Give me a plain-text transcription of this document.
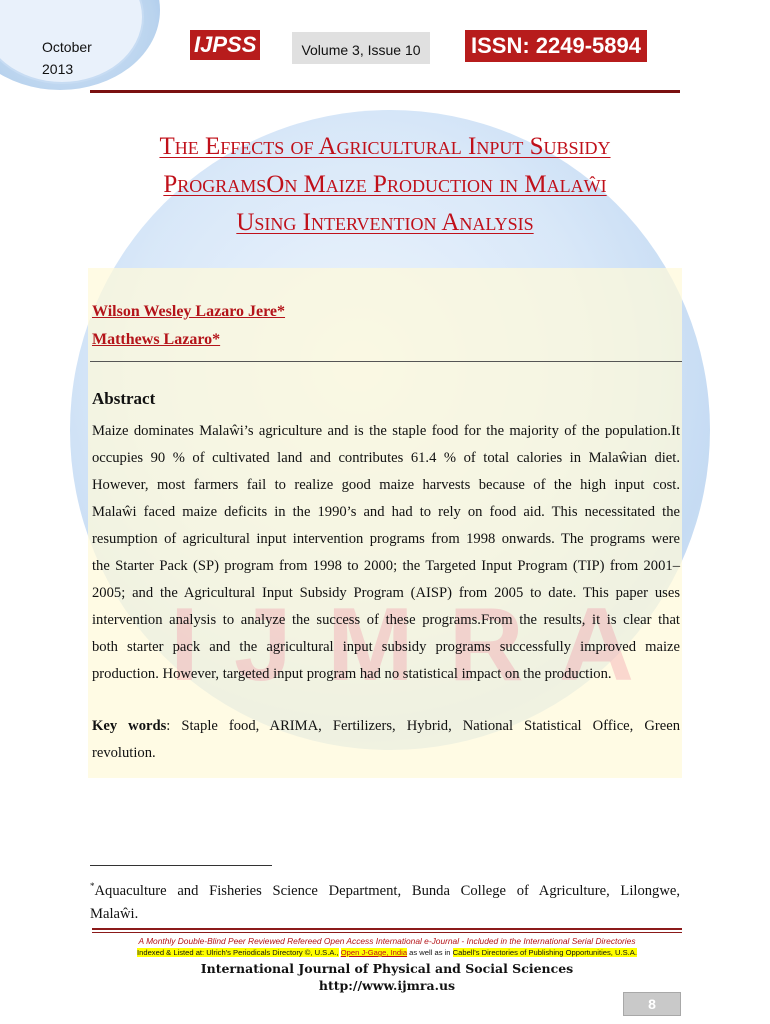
I J M R A
October
2013
IJPSS	Volume 3, Issue 10	ISSN: 2249-5894
The Effects of Agricultural Input Subsidy
ProgramsOn Maize Production in Malaŵi
Using Intervention Analysis
Wilson Wesley Lazaro Jere*
Matthews Lazaro*
Abstract
Maize dominates Malaŵi’s agriculture and is the staple food for the majority of the population.It
occupies 90 % of cultivated land and contributes 61.4 % of total calories in Malaŵian diet.
However, most farmers fail to realize good maize harvests because of the high input cost.
Malaŵi faced maize deficits in the 1990’s and had to rely on food aid. This necessitated the
resumption of agricultural input intervention programs from 1998 onwards. The programs were
the Starter Pack (SP) program from 1998 to 2000; the Targeted Input Program (TIP) from 2001–
2005; and the Agricultural Input Subsidy Program (AISP) from 2005 to date. This paper uses
intervention analysis to analyze the success of these programs.From the results, it is clear that
both starter pack and the agricultural input subsidy programs successfully improved maize
production. However, targeted input program had no statistical impact on the production.
Key words: Staple food, ARIMA, Fertilizers, Hybrid, National Statistical Office, Green
revolution.
*Aquaculture and Fisheries Science Department, Bunda College of Agriculture, Lilongwe,
Malaŵi.
A Monthly Double-Blind Peer Reviewed Refereed Open Access International e-Journal - Included in the International Serial Directories
Indexed & Listed at: Ulrich's Periodicals Directory ©, U.S.A., Open J-Gage, India as well as in Cabell’s Directories of Publishing Opportunities, U.S.A.
International Journal of Physical and Social Sciences
http://www.ijmra.us
8
